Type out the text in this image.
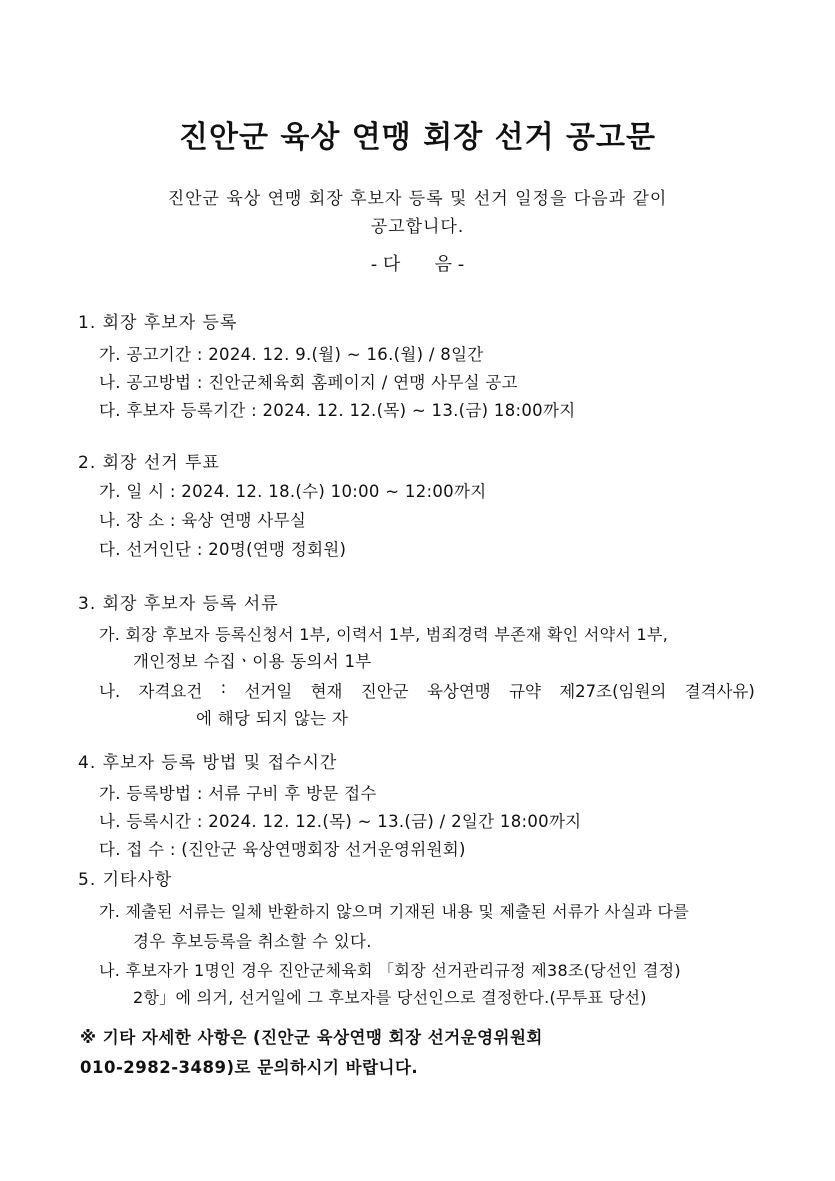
진안군 육상 연맹 회장 선거 공고문
진안군 육상 연맹 회장 후보자 등록 및 선거 일정을 다음과 같이
공고합니다.
- 다      음 -
1. 회장 후보자 등록
가. 공고기간 : 2024. 12. 9.(월) ~ 16.(월) / 8일간
나. 공고방법 : 진안군체육회 홈페이지 / 연맹 사무실 공고
다. 후보자 등록기간 : 2024. 12. 12.(목) ~ 13.(금) 18:00까지
2. 회장 선거 투표
가. 일 시 : 2024. 12. 18.(수) 10:00 ~ 12:00까지
나. 장 소 : 육상 연맹 사무실
다. 선거인단 : 20명(연맹 정회원)
3. 회장 후보자 등록 서류
가. 회장 후보자 등록신청서 1부, 이력서 1부, 범죄경력 부존재 확인 서약서 1부,
개인정보 수집ㆍ이용 동의서 1부
나. 자격요건 : 선거일 현재 진안군 육상연맹 규약 제27조(임원의 결격사유)
에 해당 되지 않는 자
4. 후보자 등록 방법 및 접수시간
가. 등록방법 : 서류 구비 후 방문 접수
나. 등록시간 : 2024. 12. 12.(목) ~ 13.(금) / 2일간 18:00까지
다. 접 수 : (진안군 육상연맹회장 선거운영위원회)
5. 기타사항
가. 제출된 서류는 일체 반환하지 않으며 기재된 내용 및 제출된 서류가 사실과 다를
경우 후보등록을 취소할 수 있다.
나. 후보자가 1명인 경우 진안군체육회 「회장 선거관리규정 제38조(당선인 결정)
2항」에 의거, 선거일에 그 후보자를 당선인으로 결정한다.(무투표 당선)
※ 기타 자세한 사항은 (진안군 육상연맹 회장 선거운영위원회
010-2982-3489)로 문의하시기 바랍니다.
